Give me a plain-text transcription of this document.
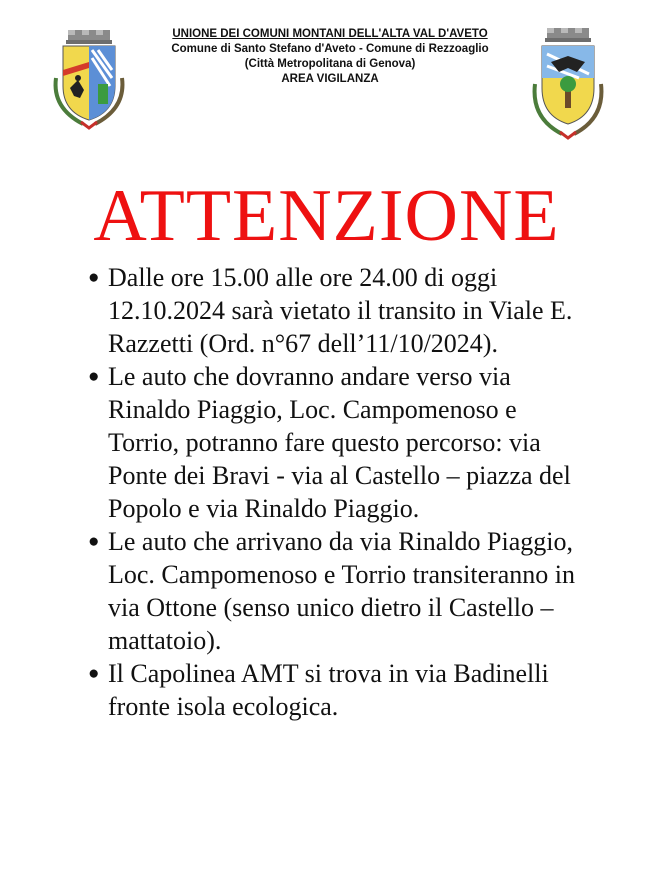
UNIONE DEI COMUNI MONTANI DELL'ALTA VAL D'AVETO
Comune di Santo Stefano d'Aveto - Comune di Rezzoaglio
(Città Metropolitana di Genova)
AREA VIGILANZA
ATTENZIONE
● Dalle ore 15.00 alle ore 24.00 di oggi 12.10.2024 sarà vietato il transito in Viale E. Razzetti (Ord. n°67 dell’11/10/2024).
● Le auto che dovranno andare verso via Rinaldo Piaggio, Loc. Campomenoso e Torrio, potranno fare questo percorso: via Ponte dei Bravi - via al Castello – piazza del Popolo e via Rinaldo Piaggio.
● Le auto che arrivano da via Rinaldo Piaggio, Loc. Campomenoso e Torrio transiteranno in via Ottone (senso unico dietro il Castello – mattatoio).
● Il Capolinea AMT si trova in via Badinelli fronte isola ecologica.
